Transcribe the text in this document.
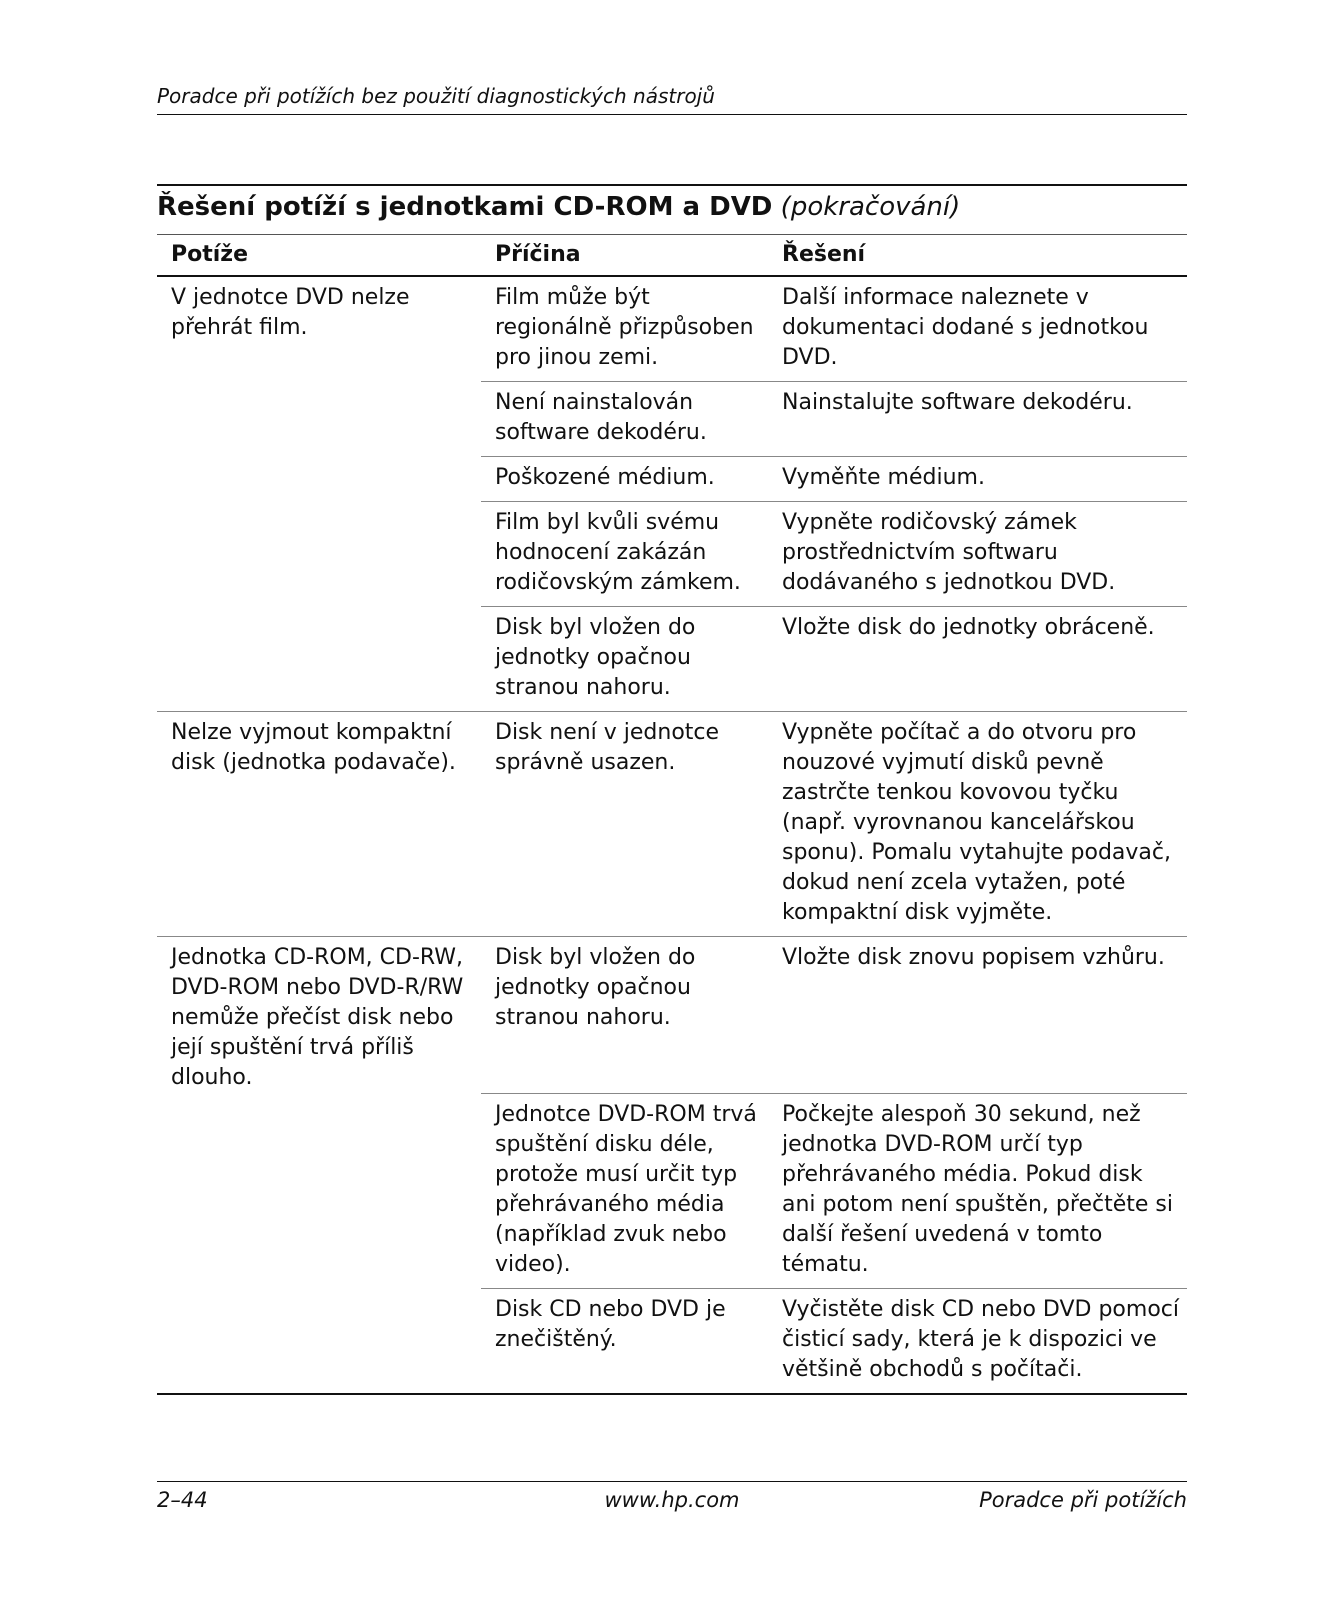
Poradce při potížích bez použití diagnostických nástrojů
Řešení potíží s jednotkami CD-ROM a DVD (pokračování)
Potíže	Příčina	Řešení
V jednotce DVD nelze přehrát film.	Film může být regionálně přizpůsoben pro jinou zemi.	Další informace naleznete v dokumentaci dodané s jednotkou DVD.
	Není nainstalován software dekodéru.	Nainstalujte software dekodéru.
	Poškozené médium.	Vyměňte médium.
	Film byl kvůli svému hodnocení zakázán rodičovským zámkem.	Vypněte rodičovský zámek prostřednictvím softwaru dodávaného s jednotkou DVD.
	Disk byl vložen do jednotky opačnou stranou nahoru.	Vložte disk do jednotky obráceně.
Nelze vyjmout kompaktní disk (jednotka podavače).	Disk není v jednotce správně usazen.	Vypněte počítač a do otvoru pro nouzové vyjmutí disků pevně zastrčte tenkou kovovou tyčku (např. vyrovnanou kancelářskou sponu). Pomalu vytahujte podavač, dokud není zcela vytažen, poté kompaktní disk vyjměte.
Jednotka CD-ROM, CD-RW, DVD-ROM nebo DVD-R/RW nemůže přečíst disk nebo její spuštění trvá příliš dlouho.	Disk byl vložen do jednotky opačnou stranou nahoru.	Vložte disk znovu popisem vzhůru.
	Jednotce DVD-ROM trvá spuštění disku déle, protože musí určit typ přehrávaného média (například zvuk nebo video).	Počkejte alespoň 30 sekund, než jednotka DVD-ROM určí typ přehrávaného média. Pokud disk ani potom není spuštěn, přečtěte si další řešení uvedená v tomto tématu.
	Disk CD nebo DVD je znečištěný.	Vyčistěte disk CD nebo DVD pomocí čisticí sady, která je k dispozici ve většině obchodů s počítači.
2–44	www.hp.com	Poradce při potížích
